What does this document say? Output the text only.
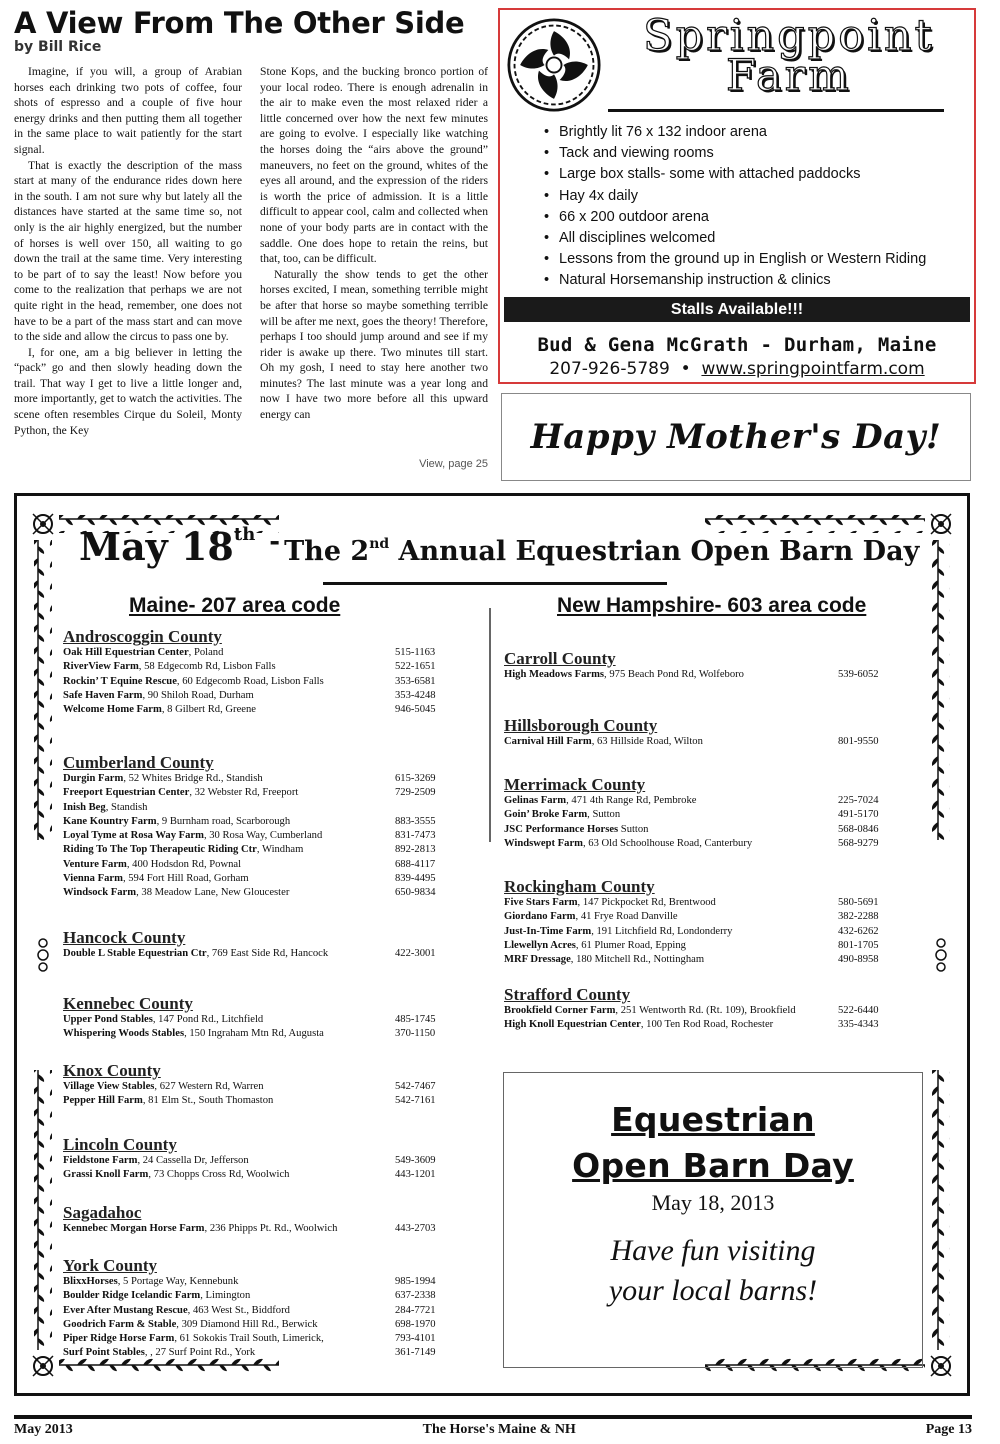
A View From The Other Side
by Bill Rice

Imagine, if you will, a group of Arabian horses each drinking two pots of coffee, four shots of espresso and a couple of five hour energy drinks and then putting them all together in the same place to wait patiently for the start signal.

That is exactly the description of the mass start at many of the endurance rides down here in the south. I am not sure why but lately all the distances have started at the same time so, not only is the air highly energized, but the number of horses is well over 150, all waiting to go down the trail at the same time. Very interesting to be part of to say the least! Now before you come to the realization that perhaps we are not quite right in the head, remember, one does not have to be a part of the mass start and can move to the side and allow the circus to pass one by.

I, for one, am a big believer in letting the “pack” go and then slowly heading down the trail. That way I get to live a little longer and, more importantly, get to watch the activities. The scene often resembles Cirque du Soleil, Monty Python, the Key

Stone Kops, and the bucking bronco portion of your local rodeo. There is enough adrenalin in the air to make even the most relaxed rider a little concerned over how the next few minutes are going to evolve. I especially like watching the horses doing the “airs above the ground” maneuvers, no feet on the ground, whites of the eyes all around, and the expression of the riders is worth the price of admission. It is a little difficult to appear cool, calm and collected when none of your body parts are in contact with the saddle. One does hope to retain the reins, but that, too, can be difficult.

Naturally the show tends to get the other horses excited, I mean, something terrible might be after that horse so maybe something terrible will be after me next, goes the theory! Therefore, perhaps I too should jump around and see if my rider is awake up there. Two minutes till start. Oh my gosh, I need to stay here another two minutes? The last minute was a year long and now I have two more before all this upward energy can

View, page 25
Springpoint
Farm
• Brightly lit 76 x 132 indoor arena
• Tack and viewing rooms
• Large box stalls- some with attached paddocks
• Hay 4x daily
• 66 x 200 outdoor arena
• All disciplines welcomed
• Lessons from the ground up in English or Western Riding
• Natural Horsemanship instruction & clinics
Stalls Available!!!
Bud & Gena McGrath - Durham, Maine
207-926-5789 • www.springpointfarm.com
Happy Mother's Day!
May 18th - The 2nd Annual Equestrian Open Barn Day
Maine- 207 area code	New Hampshire- 603 area code
Androscoggin County
Oak Hill Equestrian Center, Poland	515-1163
RiverView Farm, 58 Edgecomb Rd, Lisbon Falls	522-1651
Rockin’ T Equine Rescue, 60 Edgecomb Road, Lisbon Falls	353-6581
Safe Haven Farm, 90 Shiloh Road, Durham	353-4248
Welcome Home Farm, 8 Gilbert Rd, Greene	946-5045
Cumberland County
Durgin Farm, 52 Whites Bridge Rd., Standish	615-3269
Freeport Equestrian Center, 32 Webster Rd, Freeport	729-2509
Inish Beg, Standish
Kane Kountry Farm, 9 Burnham road, Scarborough	883-3555
Loyal Tyme at Rosa Way Farm, 30 Rosa Way, Cumberland	831-7473
Riding To The Top Therapeutic Riding Ctr, Windham	892-2813
Venture Farm, 400 Hodsdon Rd, Pownal	688-4117
Vienna Farm, 594 Fort Hill Road, Gorham	839-4495
Windsock Farm, 38 Meadow Lane, New Gloucester	650-9834
Hancock County
Double L Stable Equestrian Ctr, 769 East Side Rd, Hancock	422-3001
Kennebec County
Upper Pond Stables, 147 Pond Rd., Litchfield	485-1745
Whispering Woods Stables, 150 Ingraham Mtn Rd, Augusta	370-1150
Knox County
Village View Stables, 627 Western Rd, Warren	542-7467
Pepper Hill Farm, 81 Elm St., South Thomaston	542-7161
Lincoln County
Fieldstone Farm, 24 Cassella Dr, Jefferson	549-3609
Grassi Knoll Farm, 73 Chopps Cross Rd, Woolwich	443-1201
Sagadahoc
Kennebec Morgan Horse Farm, 236 Phipps Pt. Rd., Woolwich	443-2703
York County
BlixxHorses, 5 Portage Way, Kennebunk	985-1994
Boulder Ridge Icelandic Farm, Limington	637-2338
Ever After Mustang Rescue, 463 West St., Biddford	284-7721
Goodrich Farm & Stable, 309 Diamond Hill Rd., Berwick	698-1970
Piper Ridge Horse Farm, 61 Sokokis Trail South, Limerick,	793-4101
Surf Point Stables, , 27 Surf Point Rd., York	361-7149
Carroll County
High Meadows Farms, 975 Beach Pond Rd, Wolfeboro	539-6052
Hillsborough County
Carnival Hill Farm, 63 Hillside Road, Wilton	801-9550
Merrimack County
Gelinas Farm, 471 4th Range Rd, Pembroke	225-7024
Goin’ Broke Farm, Sutton	491-5170
JSC Performance Horses Sutton	568-0846
Windswept Farm, 63 Old Schoolhouse Road, Canterbury	568-9279
Rockingham County
Five Stars Farm, 147 Pickpocket Rd, Brentwood	580-5691
Giordano Farm, 41 Frye Road Danville	382-2288
Just-In-Time Farm, 191 Litchfield Rd, Londonderry	432-6262
Llewellyn Acres, 61 Plumer Road, Epping	801-1705
MRF Dressage, 180 Mitchell Rd., Nottingham	490-8958
Strafford County
Brookfield Corner Farm, 251 Wentworth Rd. (Rt. 109), Brookfield	522-6440
High Knoll Equestrian Center, 100 Ten Rod Road, Rochester	335-4343
Equestrian
Open Barn Day
May 18, 2013
Have fun visiting
your local barns!
May 2013	The Horse's Maine & NH	Page 13
